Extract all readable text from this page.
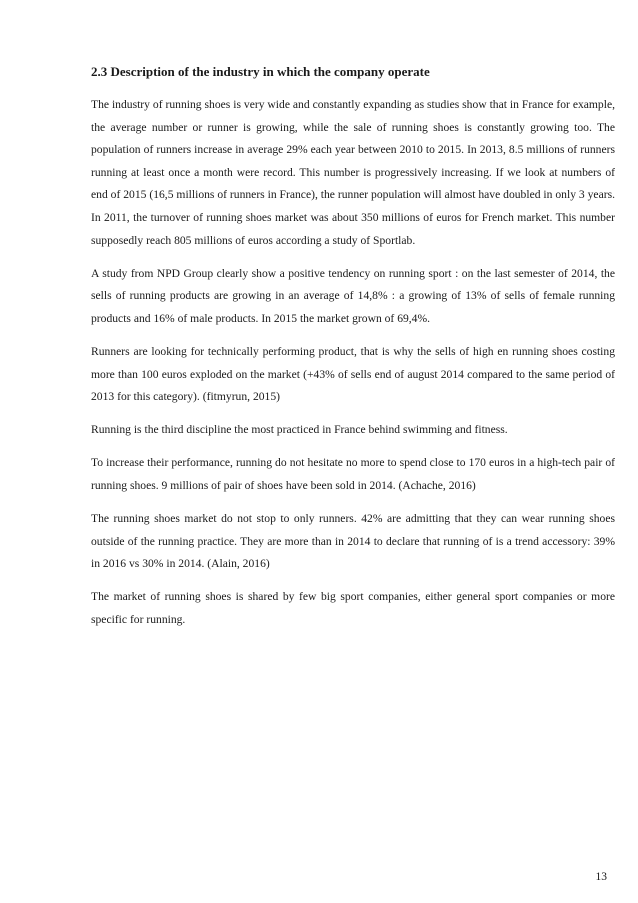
2.3 Description of the industry in which the company operate

The industry of running shoes is very wide and constantly expanding as studies show that in France for example, the average number or runner is growing, while the sale of running shoes is constantly growing too. The population of runners increase in average 29% each year between 2010 to 2015. In 2013, 8.5 millions of runners running at least once a month were record. This number is progressively increasing. If we look at numbers of end of 2015 (16,5 millions of runners in France), the runner population will almost have doubled in only 3 years. In 2011, the turnover of running shoes market was about 350 millions of euros for French market. This number supposedly reach 805 millions of euros according a study of Sportlab.

A study from NPD Group clearly show a positive tendency on running sport : on the last semester of 2014, the sells of running products are growing in an average of 14,8% : a growing of 13% of sells of female running products and 16% of male products. In 2015 the market grown of 69,4%.

Runners are looking for technically performing product, that is why the sells of high en running shoes costing more than 100 euros exploded on the market (+43% of sells end of august 2014 compared to the same period of 2013 for this category). (fitmyrun, 2015)

Running is the third discipline the most practiced in France behind swimming and fitness.

To increase their performance, running do not hesitate no more to spend close to 170 euros in a high-tech pair of running shoes. 9 millions of pair of shoes have been sold in 2014. (Achache, 2016)

The running shoes market do not stop to only runners. 42% are admitting that they can wear running shoes outside of the running practice. They are more than in 2014 to declare that running of is a trend accessory: 39% in 2016 vs 30% in 2014. (Alain, 2016)

The market of running shoes is shared by few big sport companies, either general sport companies or more specific for running.

13
